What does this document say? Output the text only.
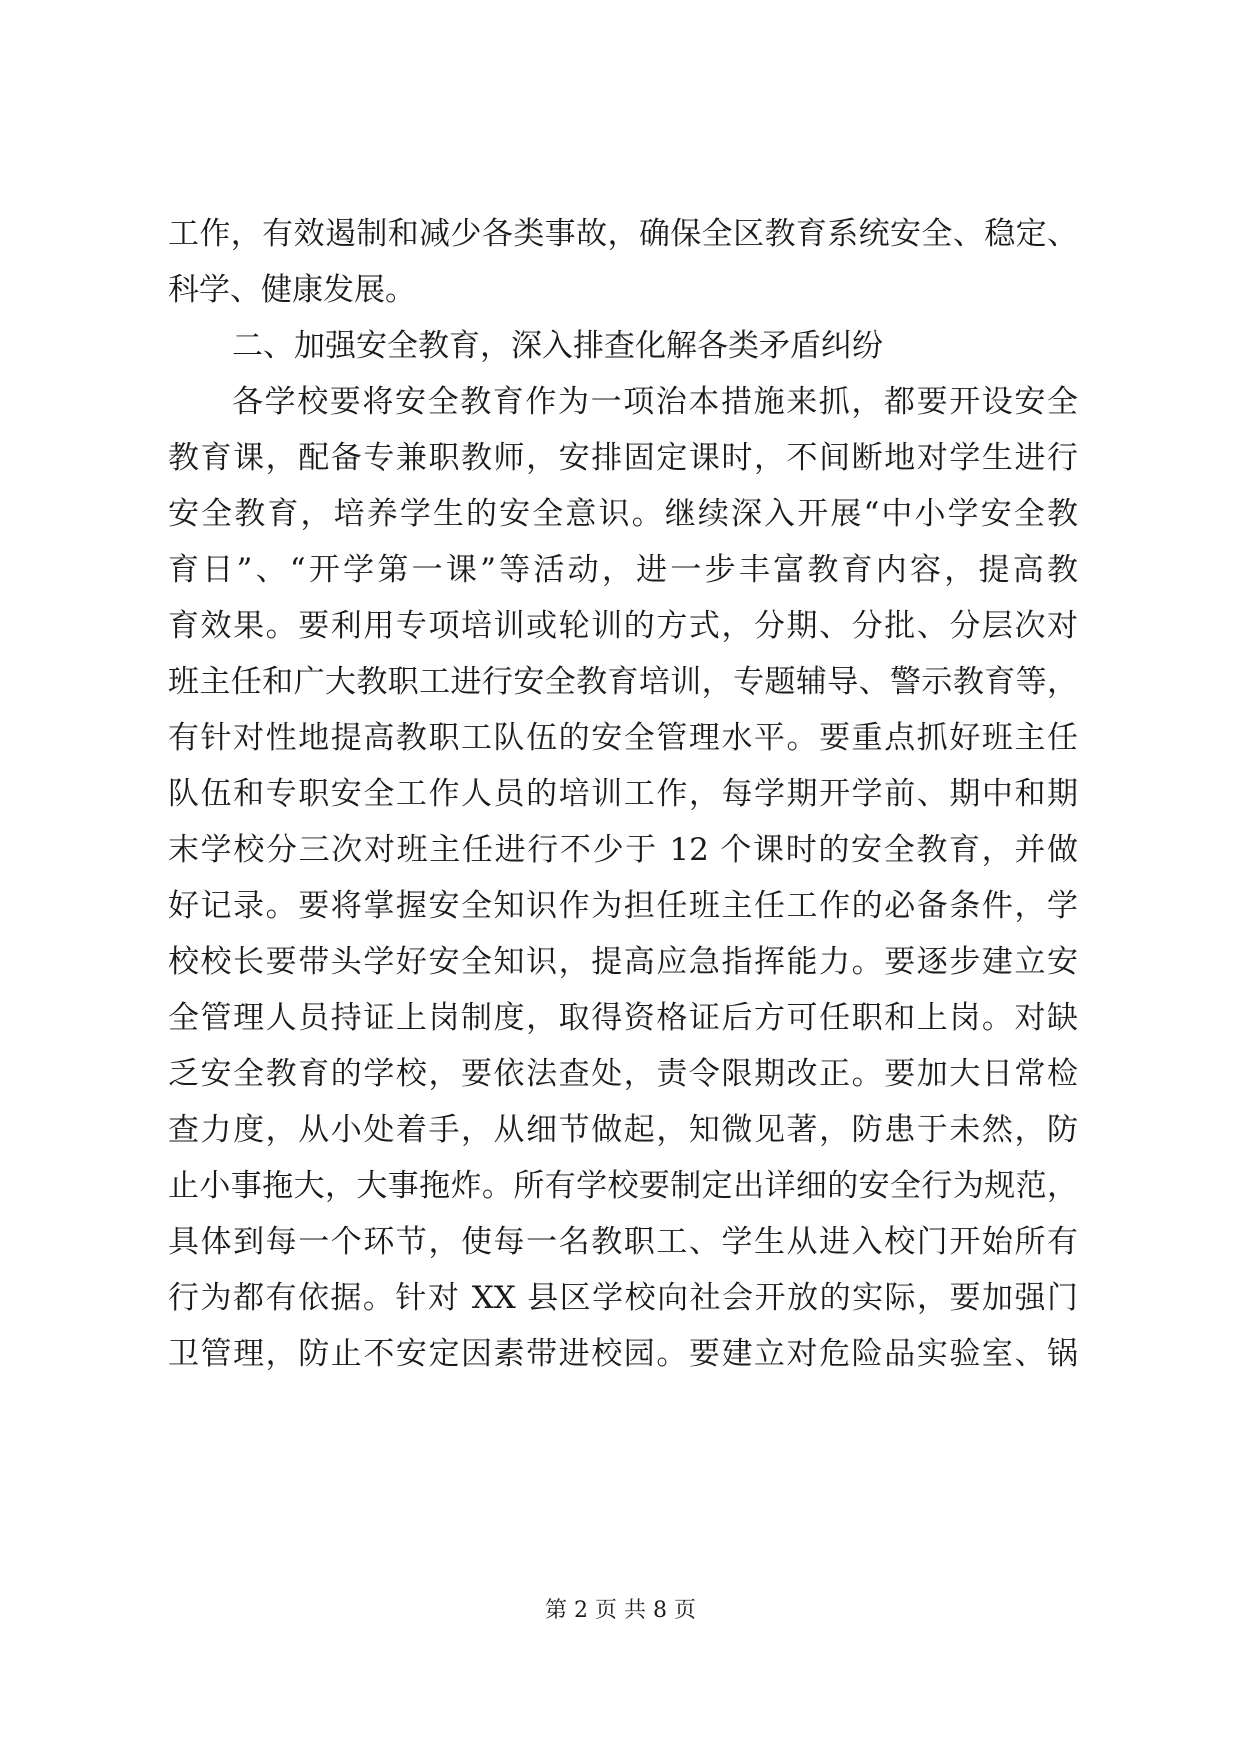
工作，有效遏制和减少各类事故，确保全区教育系统安全、稳定、
科学、健康发展。
二、加强安全教育，深入排查化解各类矛盾纠纷
各学校要将安全教育作为一项治本措施来抓，都要开设安全
教育课，配备专兼职教师，安排固定课时，不间断地对学生进行
安全教育，培养学生的安全意识。继续深入开展“中小学安全教
育日”、“开学第一课”等活动，进一步丰富教育内容，提高教
育效果。要利用专项培训或轮训的方式，分期、分批、分层次对
班主任和广大教职工进行安全教育培训，专题辅导、警示教育等，
有针对性地提高教职工队伍的安全管理水平。要重点抓好班主任
队伍和专职安全工作人员的培训工作，每学期开学前、期中和期
末学校分三次对班主任进行不少于 12 个课时的安全教育，并做
好记录。要将掌握安全知识作为担任班主任工作的必备条件，学
校校长要带头学好安全知识，提高应急指挥能力。要逐步建立安
全管理人员持证上岗制度，取得资格证后方可任职和上岗。对缺
乏安全教育的学校，要依法查处，责令限期改正。要加大日常检
查力度，从小处着手，从细节做起，知微见著，防患于未然，防
止小事拖大，大事拖炸。所有学校要制定出详细的安全行为规范，
具体到每一个环节，使每一名教职工、学生从进入校门开始所有
行为都有依据。针对 XX 县区学校向社会开放的实际，要加强门
卫管理，防止不安定因素带进校园。要建立对危险品实验室、锅
第 2 页 共 8 页
